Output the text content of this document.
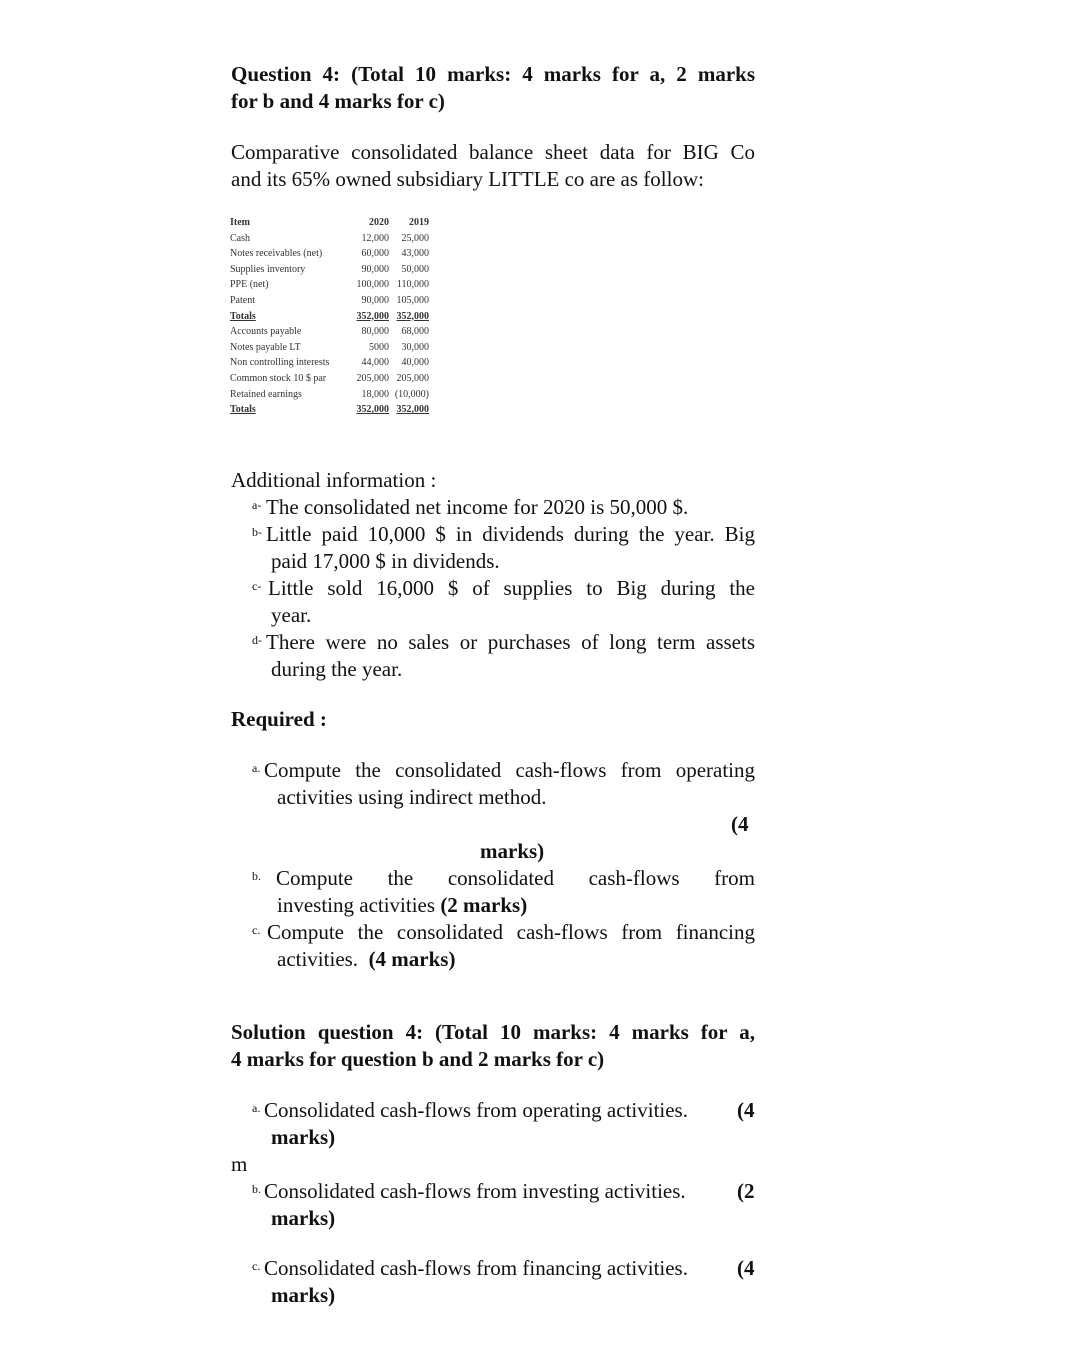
Question 4: (Total 10 marks: 4 marks for a, 2 marks
for b and 4 marks for c)
Comparative consolidated balance sheet data for BIG Co
and its 65% owned subsidiary LITTLE co are as follow:
Item	2020	2019
Cash	12,000	25,000
Notes receivables (net)	60,000	43,000
Supplies inventory	90,000	50,000
PPE (net)	100,000	110,000
Patent	90,000	105,000
Totals	352,000	352,000
Accounts payable	80,000	68,000
Notes payable LT	5000	30,000
Non controlling interests	44,000	40,000
Common stock 10 $ par	205,000	205,000
Retained earnings	18,000	(10,000)
Totals	352,000	352,000
Additional information :
a- The consolidated net income for 2020 is 50,000 $.
b- Little paid 10,000 $ in dividends during the year. Big
paid 17,000 $ in dividends.
c- Little sold 16,000 $ of supplies to Big during the
year.
d- There were no sales or purchases of long term assets
during the year.
Required :
a. Compute the consolidated cash-flows from operating
activities using indirect method.
(4
marks)
b. Compute the consolidated cash-flows from
investing activities (2 marks)
c. Compute the consolidated cash-flows from financing
activities. (4 marks)
Solution question 4: (Total 10 marks: 4 marks for a,
4 marks for question b and 2 marks for c)
a. Consolidated cash-flows from operating activities. (4
marks)
m
b. Consolidated cash-flows from investing activities. (2
marks)
c. Consolidated cash-flows from financing activities. (4
marks)
